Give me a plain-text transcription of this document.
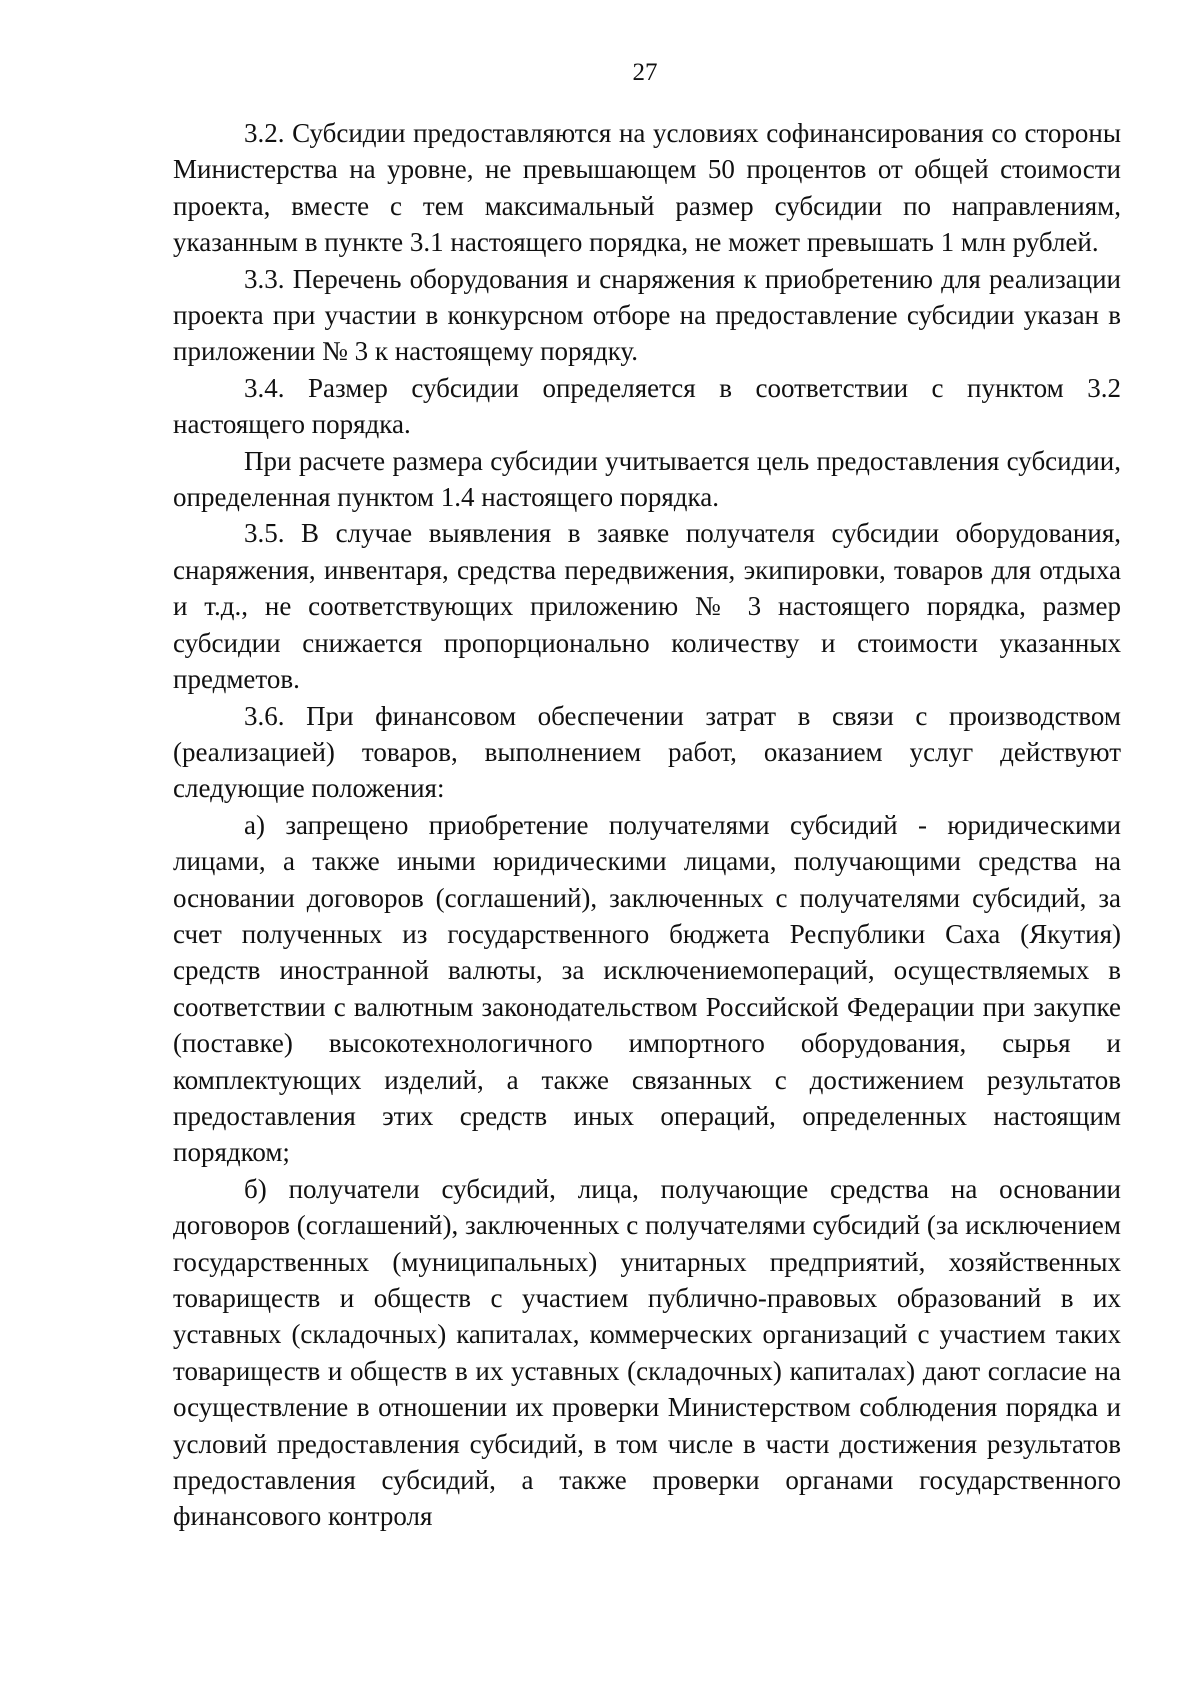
27

3.2. Субсидии предоставляются на условиях софинансирования со стороны Министерства на уровне, не превышающем 50 процентов от общей стоимости проекта, вместе с тем максимальный размер субсидии по направлениям, указанным в пункте 3.1 настоящего порядка, не может превышать 1 млн рублей.

3.3. Перечень оборудования и снаряжения к приобретению для реализации проекта при участии в конкурсном отборе на предоставление субсидии указан в приложении № 3 к настоящему порядку.

3.4. Размер субсидии определяется в соответствии с пунктом 3.2 настоящего порядка.

При расчете размера субсидии учитывается цель предоставления субсидии, определенная пунктом 1.4 настоящего порядка.

3.5. В случае выявления в заявке получателя субсидии оборудования, снаряжения, инвентаря, средства передвижения, экипировки, товаров для отдыха и т.д., не соответствующих приложению № 3 настоящего порядка, размер субсидии снижается пропорционально количеству и стоимости указанных предметов.

3.6. При финансовом обеспечении затрат в связи с производством (реализацией) товаров, выполнением работ, оказанием услуг действуют следующие положения:

а) запрещено приобретение получателями субсидий - юридическими лицами, а также иными юридическими лицами, получающими средства на основании договоров (соглашений), заключенных с получателями субсидий, за счет полученных из государственного бюджета Республики Саха (Якутия) средств иностранной валюты, за исключениемопераций, осуществляемых в соответствии с валютным законодательством Российской Федерации при закупке (поставке) высокотехнологичного импортного оборудования, сырья и комплектующих изделий, а также связанных с достижением результатов предоставления этих средств иных операций, определенных настоящим порядком;

б) получатели субсидий, лица, получающие средства на основании договоров (соглашений), заключенных с получателями субсидий (за исключением государственных (муниципальных) унитарных предприятий, хозяйственных товариществ и обществ с участием публично-правовых образований в их уставных (складочных) капиталах, коммерческих организаций с участием таких товариществ и обществ в их уставных (складочных) капиталах) дают согласие на осуществление в отношении их проверки Министерством соблюдения порядка и условий предоставления субсидий, в том числе в части достижения результатов предоставления субсидий, а также проверки органами государственного финансового контроля
